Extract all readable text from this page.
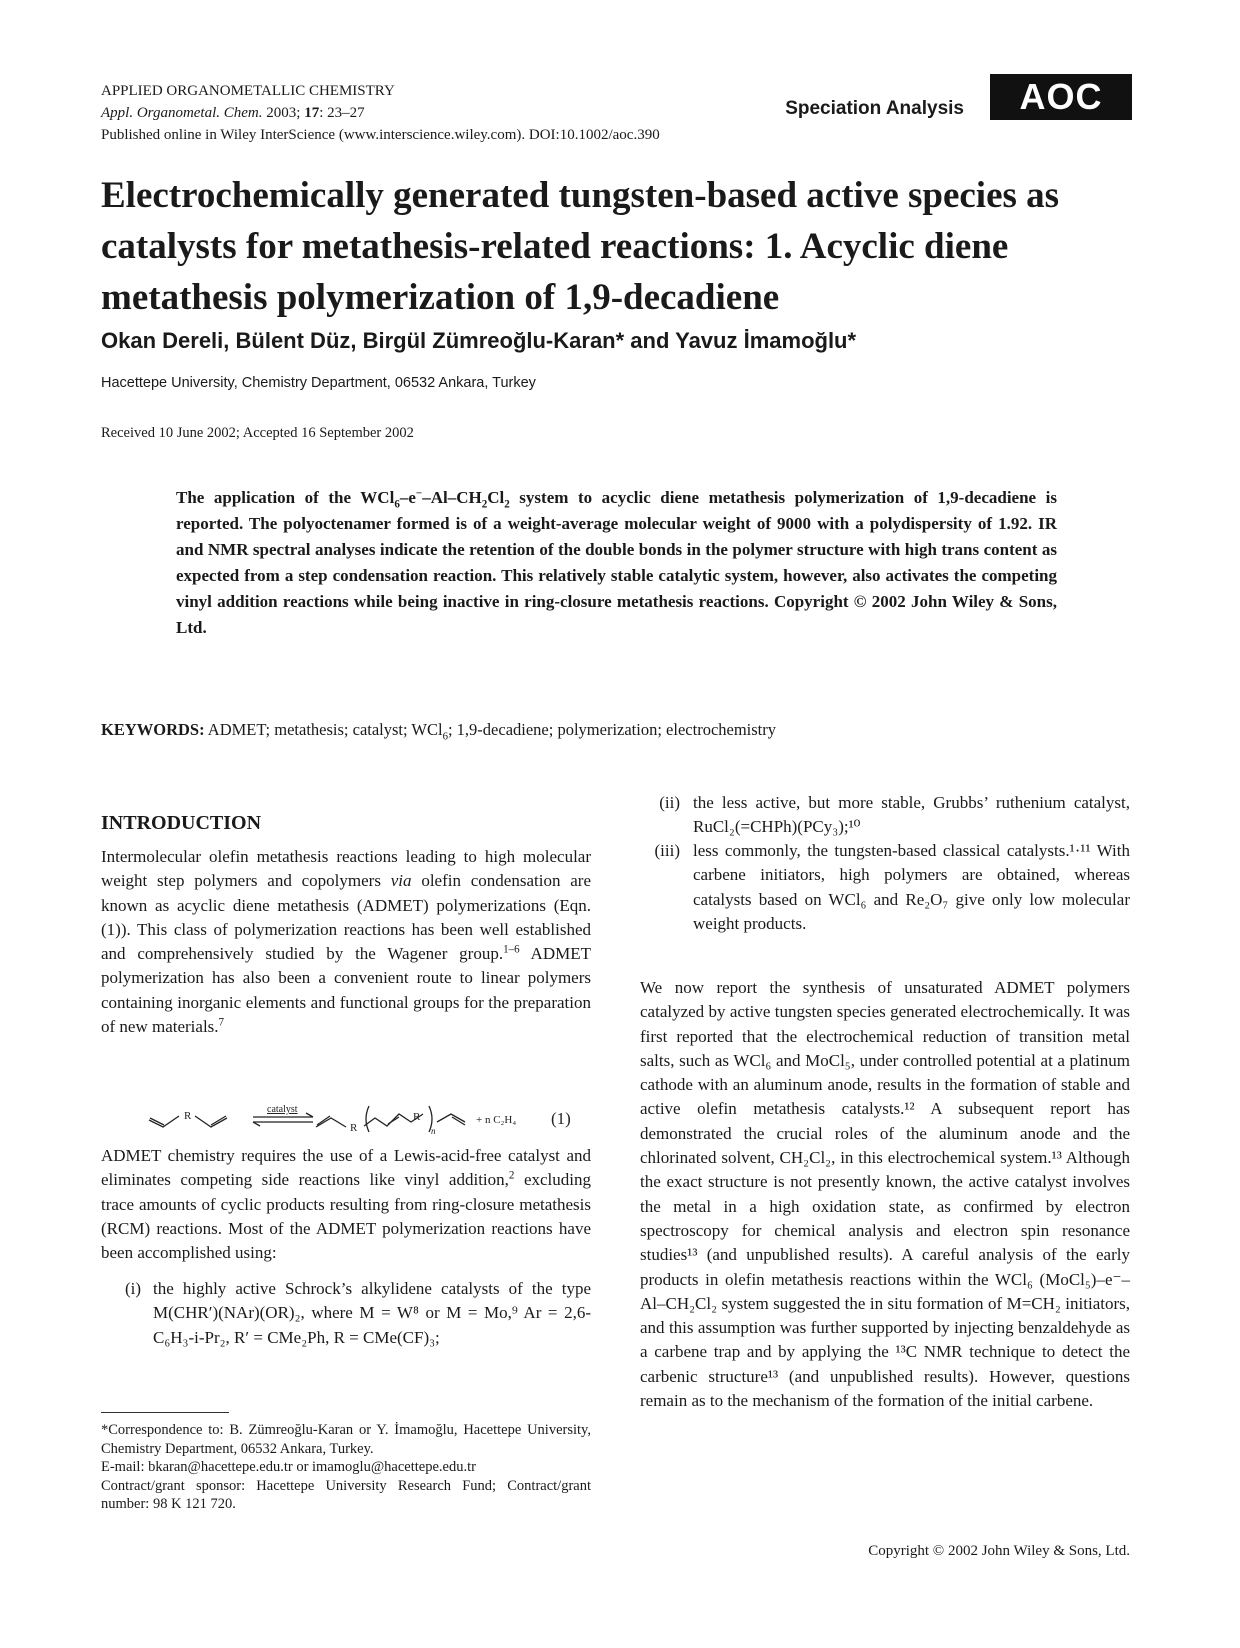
APPLIED ORGANOMETALLIC CHEMISTRY
Appl. Organometal. Chem. 2003; 17: 23–27
Published online in Wiley InterScience (www.interscience.wiley.com). DOI:10.1002/aoc.390
Speciation Analysis	AOC
Electrochemically generated tungsten-based active species as catalysts for metathesis-related reactions: 1. Acyclic diene metathesis polymerization of 1,9-decadiene
Okan Dereli, Bülent Düz, Birgül Zümreoğlu-Karan* and Yavuz İmamoğlu*
Hacettepe University, Chemistry Department, 06532 Ankara, Turkey
Received 10 June 2002; Accepted 16 September 2002

The application of the $WCl_6-e^--Al-CH_2Cl_2$ system to acyclic diene metathesis polymerization of 1,9-decadiene is reported. The polyoctenamer formed is of a weight-average molecular weight of 9000 with a polydispersity of 1.92. IR and NMR spectral analyses indicate the retention of the double bonds in the polymer structure with high trans content as expected from a step condensation reaction. This relatively stable catalytic system, however, also activates the competing vinyl addition reactions while being inactive in ring-closure metathesis reactions. Copyright © 2002 John Wiley & Sons, Ltd.

KEYWORDS: ADMET; metathesis; catalyst; WCl$_6$; 1,9-decadiene; polymerization; electrochemistry
INTRODUCTION

Intermolecular olefin metathesis reactions leading to high molecular weight step polymers and copolymers via olefin condensation are known as acyclic diene metathesis (ADMET) polymerizations (Eqn. (1)). This class of polymerization reactions has been well established and comprehensively studied by the Wagener group.$^{1-6}$ ADMET polymerization has also been a convenient route to linear polymers containing inorganic elements and functional groups for the preparation of new materials.$^7$

R
catalyst
R
R
n
+ n C₂H₄ (1)

ADMET chemistry requires the use of a Lewis-acid-free catalyst and eliminates competing side reactions like vinyl addition,$^2$ excluding trace amounts of cyclic products resulting from ring-closure metathesis (RCM) reactions. Most of the ADMET polymerization reactions have been accomplished using:

(i) the highly active Schrock’s alkylidene catalysts of the type M(CHR′)(NAr)(OR)₂, where M = W⁸ or M = Mo,⁹ Ar = 2,6-C₆H₃-i-Pr₂, R′ = CMe₂Ph, R = CMe(CF)₃;
*Correspondence to: B. Zümreoğlu-Karan or Y. İmamoğlu, Hacettepe University, Chemistry Department, 06532 Ankara, Turkey.
E-mail: bkaran@hacettepe.edu.tr or imamoglu@hacettepe.edu.tr
Contract/grant sponsor: Hacettepe University Research Fund; Contract/grant number: 98 K 121 720.
(ii) the less active, but more stable, Grubbs’ ruthenium catalyst, RuCl₂(=CHPh)(PCy₃);¹⁰
(iii) less commonly, the tungsten-based classical catalysts.¹·¹¹ With carbene initiators, high polymers are obtained, whereas catalysts based on WCl₆ and Re₂O₇ give only low molecular weight products.

We now report the synthesis of unsaturated ADMET polymers catalyzed by active tungsten species generated electrochemically. It was first reported that the electrochemical reduction of transition metal salts, such as WCl₆ and MoCl₅, under controlled potential at a platinum cathode with an aluminum anode, results in the formation of stable and active olefin metathesis catalysts.¹² A subsequent report has demonstrated the crucial roles of the aluminum anode and the chlorinated solvent, CH₂Cl₂, in this electrochemical system.¹³ Although the exact structure is not presently known, the active catalyst involves the metal in a high oxidation state, as confirmed by electron spectroscopy for chemical analysis and electron spin resonance studies¹³ (and unpublished results). A careful analysis of the early products in olefin metathesis reactions within the WCl₆ (MoCl₅)–e⁻–Al–CH₂Cl₂ system suggested the in situ formation of M=CH₂ initiators, and this assumption was further supported by injecting benzaldehyde as a carbene trap and by applying the ¹³C NMR technique to detect the carbenic structure¹³ (and unpublished results). However, questions remain as to the mechanism of the formation of the initial carbene.

Copyright © 2002 John Wiley & Sons, Ltd.
